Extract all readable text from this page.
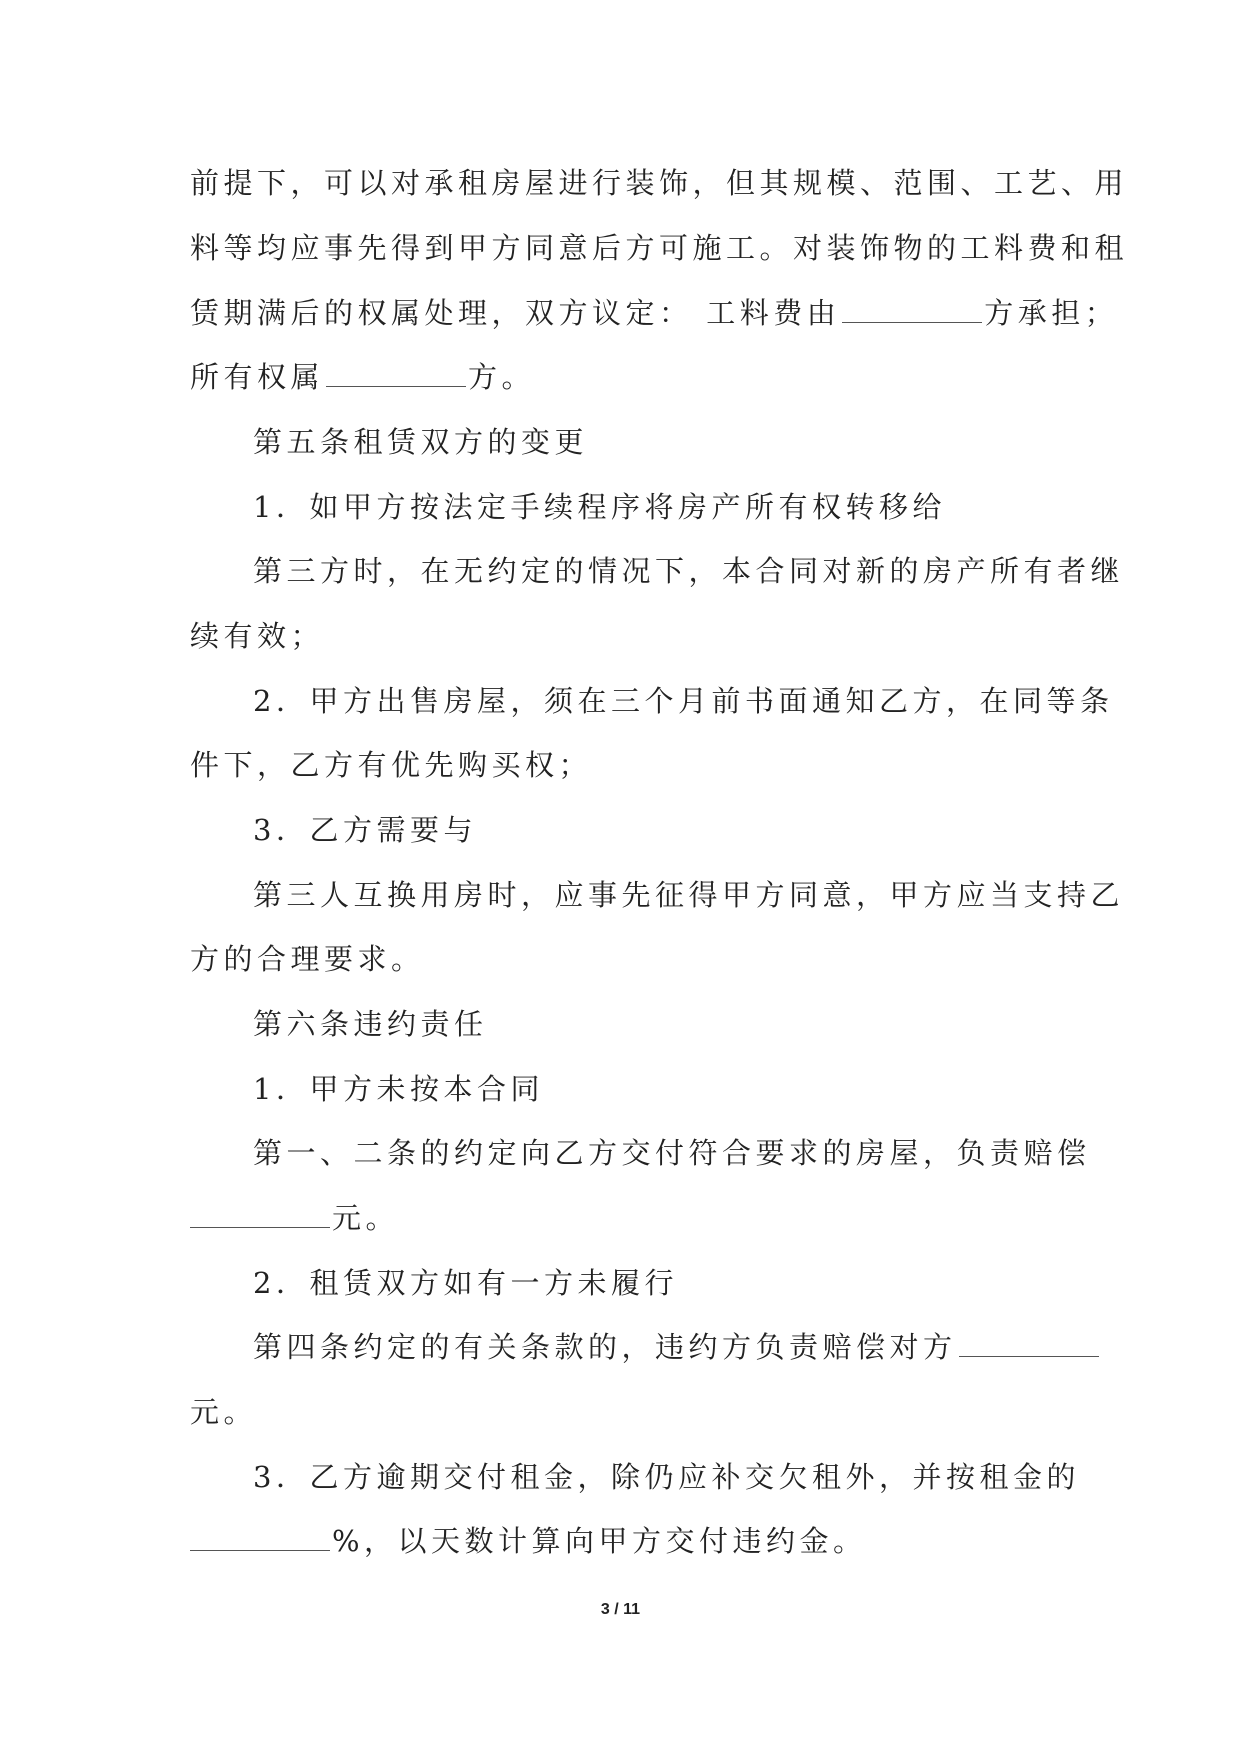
前提下，可以对承租房屋进行装饰，但其规模、范围、工艺、用
料等均应事先得到甲方同意后方可施工。对装饰物的工料费和租
赁期满后的权属处理，双方议定： 工料费由	方承担；
所有权属	方。
第五条租赁双方的变更
1．如甲方按法定手续程序将房产所有权转移给
第三方时，在无约定的情况下，本合同对新的房产所有者继
续有效；
2．甲方出售房屋，须在三个月前书面通知乙方，在同等条
件下，乙方有优先购买权；
3．乙方需要与
第三人互换用房时，应事先征得甲方同意，甲方应当支持乙
方的合理要求。
第六条违约责任
1．甲方未按本合同
第一、二条的约定向乙方交付符合要求的房屋，负责赔偿
元。
2．租赁双方如有一方未履行
第四条约定的有关条款的，违约方负责赔偿对方
元。
3．乙方逾期交付租金，除仍应补交欠租外，并按租金的
%，以天数计算向甲方交付违约金。
3 / 11
